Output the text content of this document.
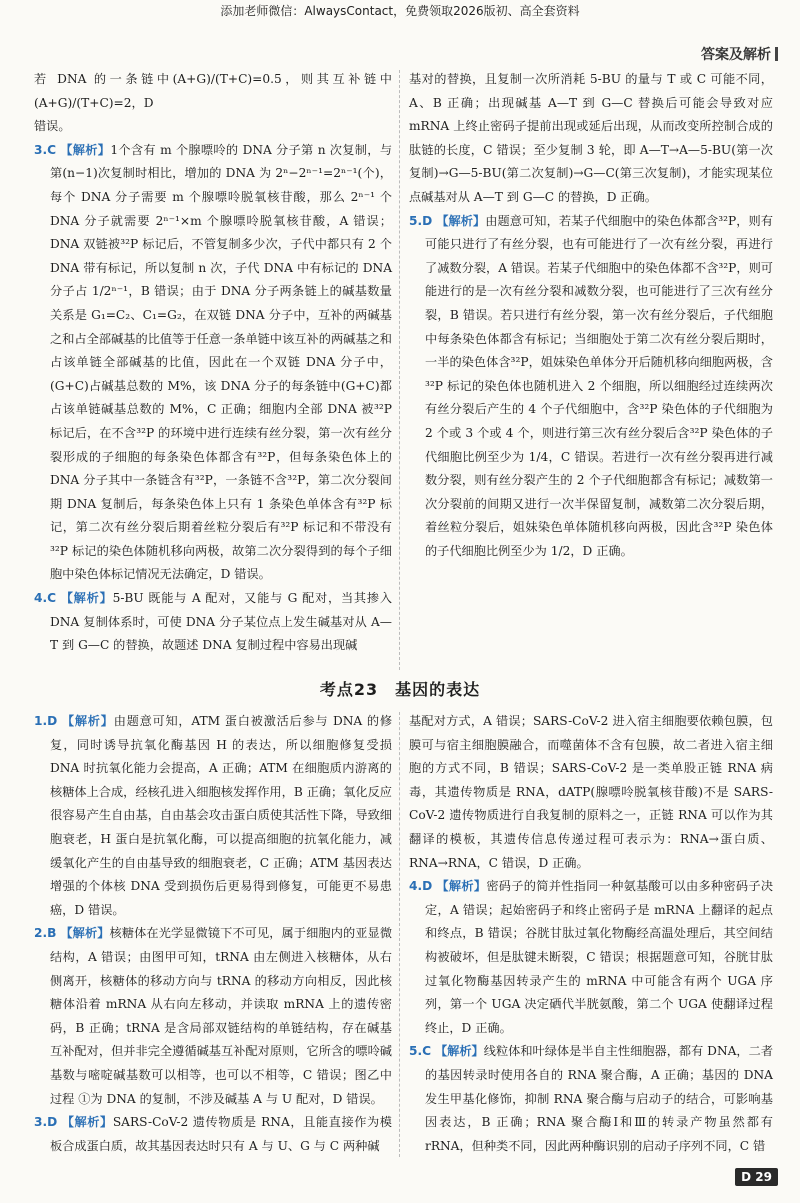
添加老师微信：AlwaysContact，免费领取2026版初、高全套资料
答案及解析

若 DNA 的一条链中(A+G)/(T+C)=0.5，则其互补链中(A+G)/(T+C)=2，D

错误。

3.C 【解析】1个含有 m 个腺嘌呤的 DNA 分子第 n 次复制，与第(n−1)次复制时相比，增加的 DNA 为 2ⁿ−2ⁿ⁻¹=2ⁿ⁻¹(个)，每个 DNA 分子需要 m 个腺嘌呤脱氧核苷酸，那么 2ⁿ⁻¹ 个 DNA 分子就需要 2ⁿ⁻¹×m 个腺嘌呤脱氧核苷酸，A 错误；DNA 双链被³²P 标记后，不管复制多少次，子代中都只有 2 个 DNA 带有标记，所以复制 n 次，子代 DNA 中有标记的 DNA 分子占 1/2ⁿ⁻¹，B 错误；由于 DNA 分子两条链上的碱基数量关系是 G₁=C₂、C₁=G₂，在双链 DNA 分子中，互补的两碱基之和占全部碱基的比值等于任意一条单链中该互补的两碱基之和占该单链全部碱基的比值，因此在一个双链 DNA 分子中，(G+C)占碱基总数的 M%，该 DNA 分子的每条链中(G+C)都占该单链碱基总数的 M%，C 正确；细胞内全部 DNA 被³²P 标记后，在不含³²P 的环境中进行连续有丝分裂，第一次有丝分裂形成的子细胞的每条染色体都含有³²P，但每条染色体上的 DNA 分子其中一条链含有³²P，一条链不含³²P，第二次分裂间期 DNA 复制后，每条染色体上只有 1 条染色单体含有³²P 标记，第二次有丝分裂后期着丝粒分裂后有³²P 标记和不带没有³²P 标记的染色体随机移向两极，故第二次分裂得到的每个子细胞中染色体标记情况无法确定，D 错误。

4.C 【解析】5-BU 既能与 A 配对，又能与 G 配对，当其掺入 DNA 复制体系时，可使 DNA 分子某位点上发生碱基对从 A—T 到 G—C 的替换，故题述 DNA 复制过程中容易出现碱

基对的替换，且复制一次所消耗 5-BU 的量与 T 或 C 可能不同，A、B 正确；出现碱基 A—T 到 G—C 替换后可能会导致对应 mRNA 上终止密码子提前出现或延后出现，从而改变所控制合成的肽链的长度，C 错误；至少复制 3 轮，即 A—T→A—5-BU(第一次复制)→G—5-BU(第二次复制)→G—C(第三次复制)，才能实现某位点碱基对从 A—T 到 G—C 的替换，D 正确。

5.D 【解析】由题意可知，若某子代细胞中的染色体都含³²P，则有可能只进行了有丝分裂，也有可能进行了一次有丝分裂，再进行了减数分裂，A 错误。若某子代细胞中的染色体都不含³²P，则可能进行的是一次有丝分裂和减数分裂，也可能进行了三次有丝分裂，B 错误。若只进行有丝分裂，第一次有丝分裂后，子代细胞中每条染色体都含有标记；当细胞处于第二次有丝分裂后期时，一半的染色体含³²P，姐妹染色单体分开后随机移向细胞两极，含³²P 标记的染色体也随机进入 2 个细胞，所以细胞经过连续两次有丝分裂后产生的 4 个子代细胞中，含³²P 染色体的子代细胞为 2 个或 3 个或 4 个，则进行第三次有丝分裂后含³²P 染色体的子代细胞比例至少为 1/4，C 错误。若进行一次有丝分裂再进行减数分裂，则有丝分裂产生的 2 个子代细胞都含有标记；减数第一次分裂前的间期又进行一次半保留复制，减数第二次分裂后期，着丝粒分裂后，姐妹染色单体随机移向两极，因此含³²P 染色体的子代细胞比例至少为 1/2，D 正确。

考点23　基因的表达

1.D 【解析】由题意可知，ATM 蛋白被激活后参与 DNA 的修复，同时诱导抗氧化酶基因 H 的表达，所以细胞修复受损 DNA 时抗氧化能力会提高，A 正确；ATM 在细胞质内游离的核糖体上合成，经核孔进入细胞核发挥作用，B 正确；氧化反应很容易产生自由基，自由基会攻击蛋白质使其活性下降，导致细胞衰老，H 蛋白是抗氧化酶，可以提高细胞的抗氧化能力，减缓氧化产生的自由基导致的细胞衰老，C 正确；ATM 基因表达增强的个体核 DNA 受到损伤后更易得到修复，可能更不易患癌，D 错误。

2.B 【解析】核糖体在光学显微镜下不可见，属于细胞内的亚显微结构，A 错误；由图甲可知，tRNA 由左侧进入核糖体，从右侧离开，核糖体的移动方向与 tRNA 的移动方向相反，因此核糖体沿着 mRNA 从右向左移动，并读取 mRNA 上的遗传密码，B 正确；tRNA 是含局部双链结构的单链结构，存在碱基互补配对，但并非完全遵循碱基互补配对原则，它所含的嘌呤碱基数与嘧啶碱基数可以相等，也可以不相等，C 错误；图乙中过程 ①为 DNA 的复制，不涉及碱基 A 与 U 配对，D 错误。

3.D 【解析】SARS-CoV-2 遗传物质是 RNA，且能直接作为模板合成蛋白质，故其基因表达时只有 A 与 U、G 与 C 两种碱

基配对方式，A 错误；SARS-CoV-2 进入宿主细胞要依赖包膜，包膜可与宿主细胞膜融合，而噬菌体不含有包膜，故二者进入宿主细胞的方式不同，B 错误；SARS-CoV-2 是一类单股正链 RNA 病毒，其遗传物质是 RNA，dATP(腺嘌呤脱氧核苷酸)不是 SARS-CoV-2 遗传物质进行自我复制的原料之一，正链 RNA 可以作为其翻译的模板，其遗传信息传递过程可表示为：RNA→蛋白质、RNA→RNA，C 错误，D 正确。

4.D 【解析】密码子的简并性指同一种氨基酸可以由多种密码子决定，A 错误；起始密码子和终止密码子是 mRNA 上翻译的起点和终点，B 错误；谷胱甘肽过氧化物酶经高温处理后，其空间结构被破坏，但是肽键未断裂，C 错误；根据题意可知，谷胱甘肽过氧化物酶基因转录产生的 mRNA 中可能含有两个 UGA 序列，第一个 UGA 决定硒代半胱氨酸，第二个 UGA 使翻译过程终止，D 正确。

5.C 【解析】线粒体和叶绿体是半自主性细胞器，都有 DNA，二者的基因转录时使用各自的 RNA 聚合酶，A 正确；基因的 DNA 发生甲基化修饰，抑制 RNA 聚合酶与启动子的结合，可影响基因表达，B 正确；RNA 聚合酶Ⅰ和Ⅲ的转录产物虽然都有 rRNA，但种类不同，因此两种酶识别的启动子序列不同，C 错

D 29
